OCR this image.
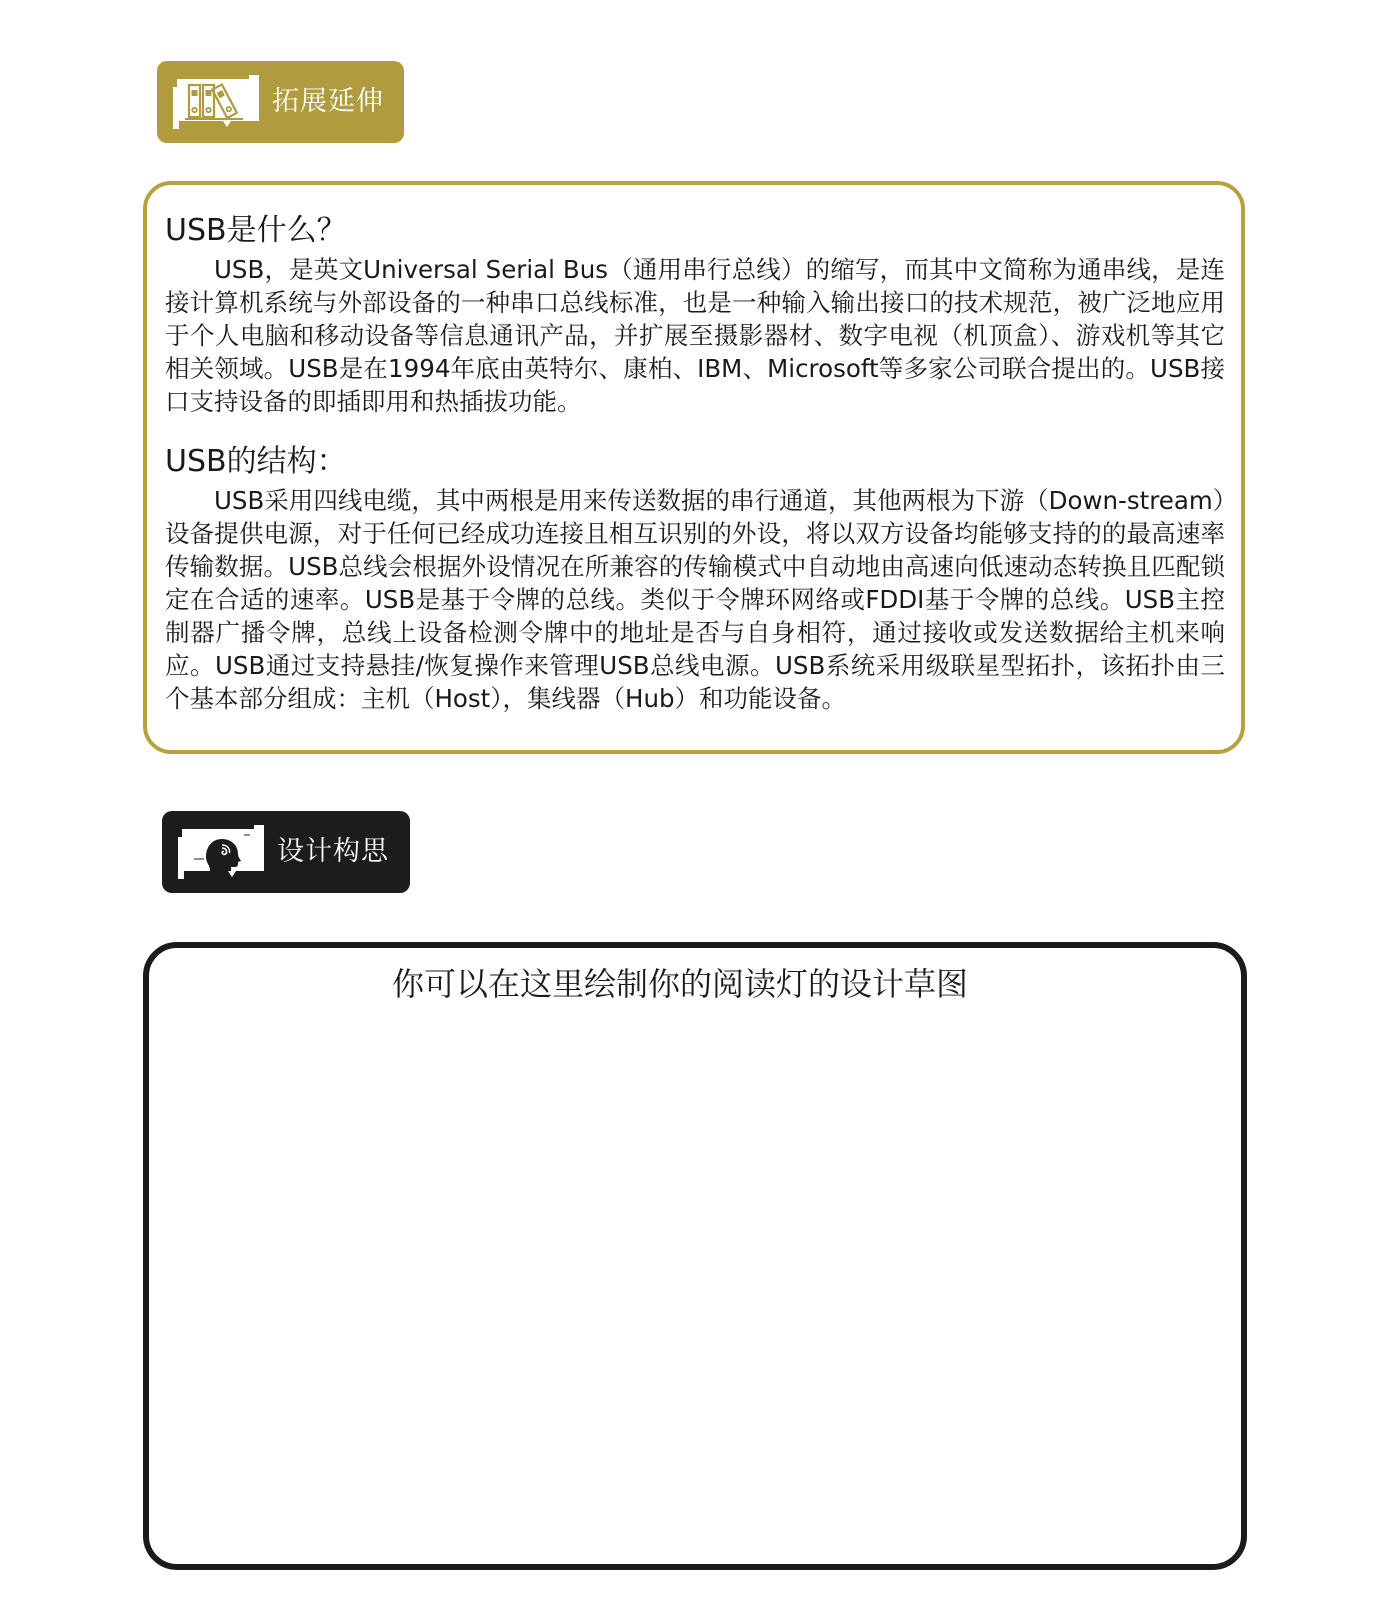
拓展延伸
USB是什么？

USB，是英文Universal Serial Bus（通用串行总线）的缩写，而其中文简称为通串线，是连接计算机系统与外部设备的一种串口总线标准，也是一种输入输出接口的技术规范，被广泛地应用于个人电脑和移动设备等信息通讯产品，并扩展至摄影器材、数字电视（机顶盒）、游戏机等其它相关领域。USB是在1994年底由英特尔、康柏、IBM、Microsoft等多家公司联合提出的。USB接口支持设备的即插即用和热插拔功能。

USB的结构：

USB采用四线电缆，其中两根是用来传送数据的串行通道，其他两根为下游（Down-stream）设备提供电源，对于任何已经成功连接且相互识别的外设，将以双方设备均能够支持的的最高速率传输数据。USB总线会根据外设情况在所兼容的传输模式中自动地由高速向低速动态转换且匹配锁定在合适的速率。USB是基于令牌的总线。类似于令牌环网络或FDDI基于令牌的总线。USB主控制器广播令牌，总线上设备检测令牌中的地址是否与自身相符，通过接收或发送数据给主机来响应。USB通过支持悬挂/恢复操作来管理USB总线电源。USB系统采用级联星型拓扑，该拓扑由三个基本部分组成：主机（Host），集线器（Hub）和功能设备。

设计构思
你可以在这里绘制你的阅读灯的设计草图
